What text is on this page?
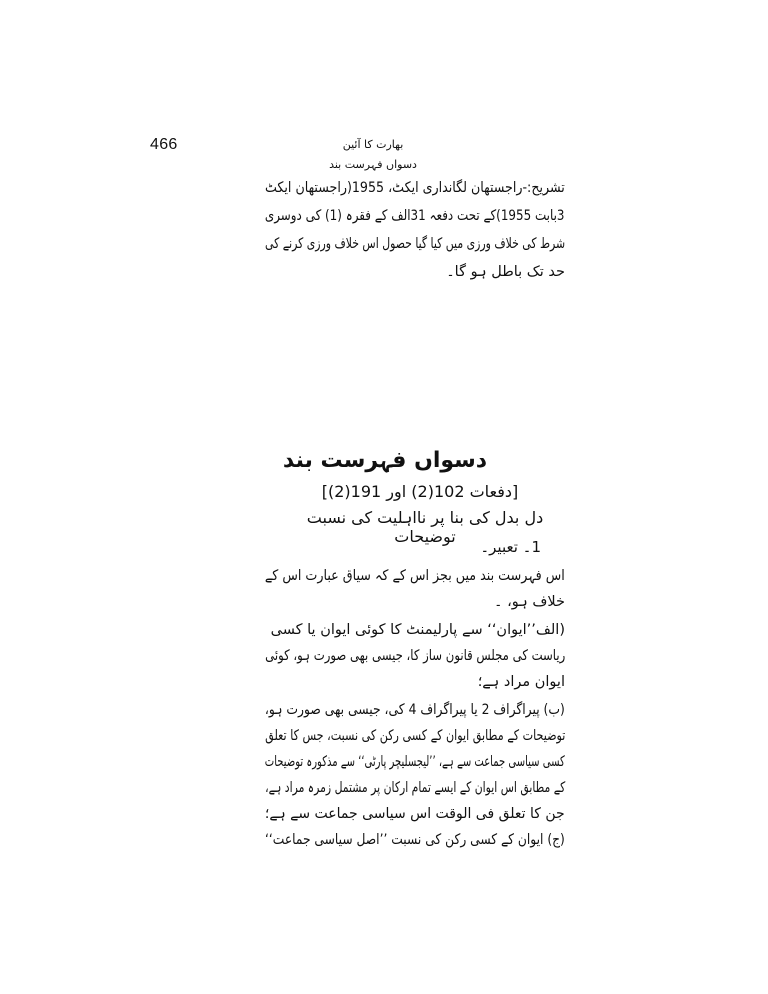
466	بھارت کا آئین
دسواں فہرست بند
تشریح:-راجستھان لگانداری ایکٹ، 1955(راجستھان ایکٹ
3بابت 1955)کے تحت دفعہ 31الف کے فقرہ (1) کی دوسری
شرط کی خلاف ورزی میں کیا گیا حصول اس خلاف ورزی کرنے کی
حد تک باطل ہو گا۔
دسواں فہرست بند
[دفعات 102(2) اور 191(2)]
دل بدل کی بنا پر نااہلیت کی نسبت توضیحات
1۔ تعبیر۔
اس فہرست بند میں بجز اس کے کہ سیاق عبارت اس کے
خلاف ہو، ۔
(الف’’ایوان‘‘ سے پارلیمنٹ کا کوئی ایوان یا کسی
ریاست کی مجلس قانون ساز کا، جیسی بھی صورت ہو، کوئی
ایوان مراد ہے؛
(ب) پیراگراف 2 یا پیراگراف 4 کی، جیسی بھی صورت ہو،
توضیحات کے مطابق ایوان کے کسی رکن کی نسبت، جس کا تعلق
کسی سیاسی جماعت سے ہے، ’’لیجسلیچر پارٹی‘‘ سے مذکورہ توضیحات
کے مطابق اس ایوان کے ایسے تمام ارکان پر مشتمل زمرہ مراد ہے،
جن کا تعلق فی الوقت اس سیاسی جماعت سے ہے؛
(ج) ایوان کے کسی رکن کی نسبت ’’اصل سیاسی جماعت‘‘
